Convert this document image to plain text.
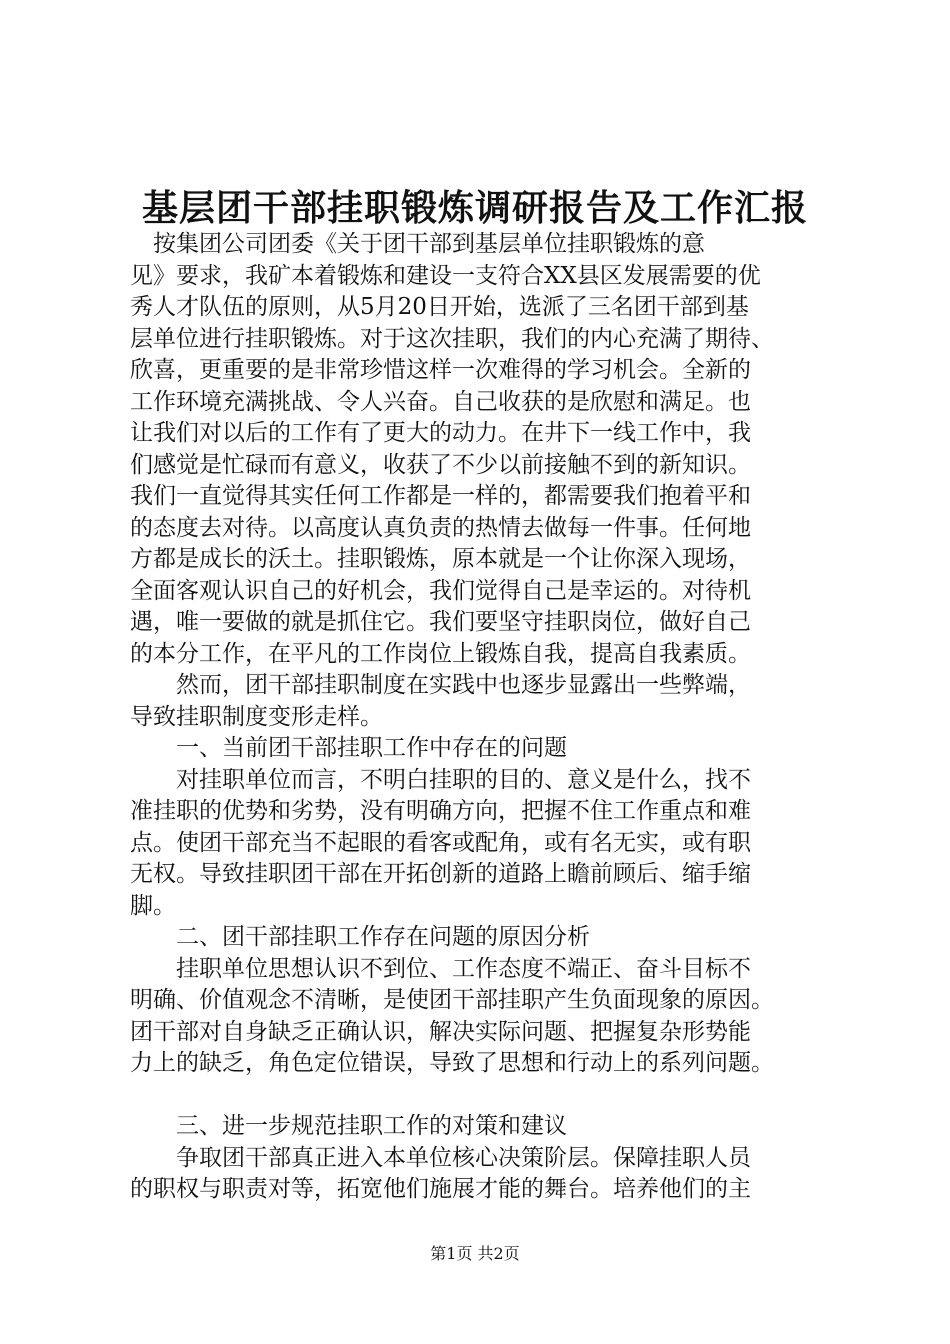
基层团干部挂职锻炼调研报告及工作汇报
　按集团公司团委《关于团干部到基层单位挂职锻炼的意
见》要求，我矿本着锻炼和建设一支符合XX县区发展需要的优
秀人才队伍的原则，从5月20日开始，选派了三名团干部到基
层单位进行挂职锻炼。对于这次挂职，我们的内心充满了期待、
欣喜，更重要的是非常珍惜这样一次难得的学习机会。全新的
工作环境充满挑战、令人兴奋。自己收获的是欣慰和满足。也
让我们对以后的工作有了更大的动力。在井下一线工作中，我
们感觉是忙碌而有意义，收获了不少以前接触不到的新知识。
我们一直觉得其实任何工作都是一样的，都需要我们抱着平和
的态度去对待。以高度认真负责的热情去做每一件事。任何地
方都是成长的沃土。挂职锻炼，原本就是一个让你深入现场，
全面客观认识自己的好机会，我们觉得自己是幸运的。对待机
遇，唯一要做的就是抓住它。我们要坚守挂职岗位，做好自己
的本分工作，在平凡的工作岗位上锻炼自我，提高自我素质。
　　然而，团干部挂职制度在实践中也逐步显露出一些弊端，
导致挂职制度变形走样。
　　一、当前团干部挂职工作中存在的问题
　　对挂职单位而言，不明白挂职的目的、意义是什么，找不
准挂职的优势和劣势，没有明确方向，把握不住工作重点和难
点。使团干部充当不起眼的看客或配角，或有名无实，或有职
无权。导致挂职团干部在开拓创新的道路上瞻前顾后、缩手缩
脚。
　　二、团干部挂职工作存在问题的原因分析
　　挂职单位思想认识不到位、工作态度不端正、奋斗目标不
明确、价值观念不清晰，是使团干部挂职产生负面现象的原因。
团干部对自身缺乏正确认识，解决实际问题、把握复杂形势能
力上的缺乏，角色定位错误，导致了思想和行动上的系列问题。
　　三、进一步规范挂职工作的对策和建议
　　争取团干部真正进入本单位核心决策阶层。保障挂职人员
的职权与职责对等，拓宽他们施展才能的舞台。培养他们的主
第1页 共2页
